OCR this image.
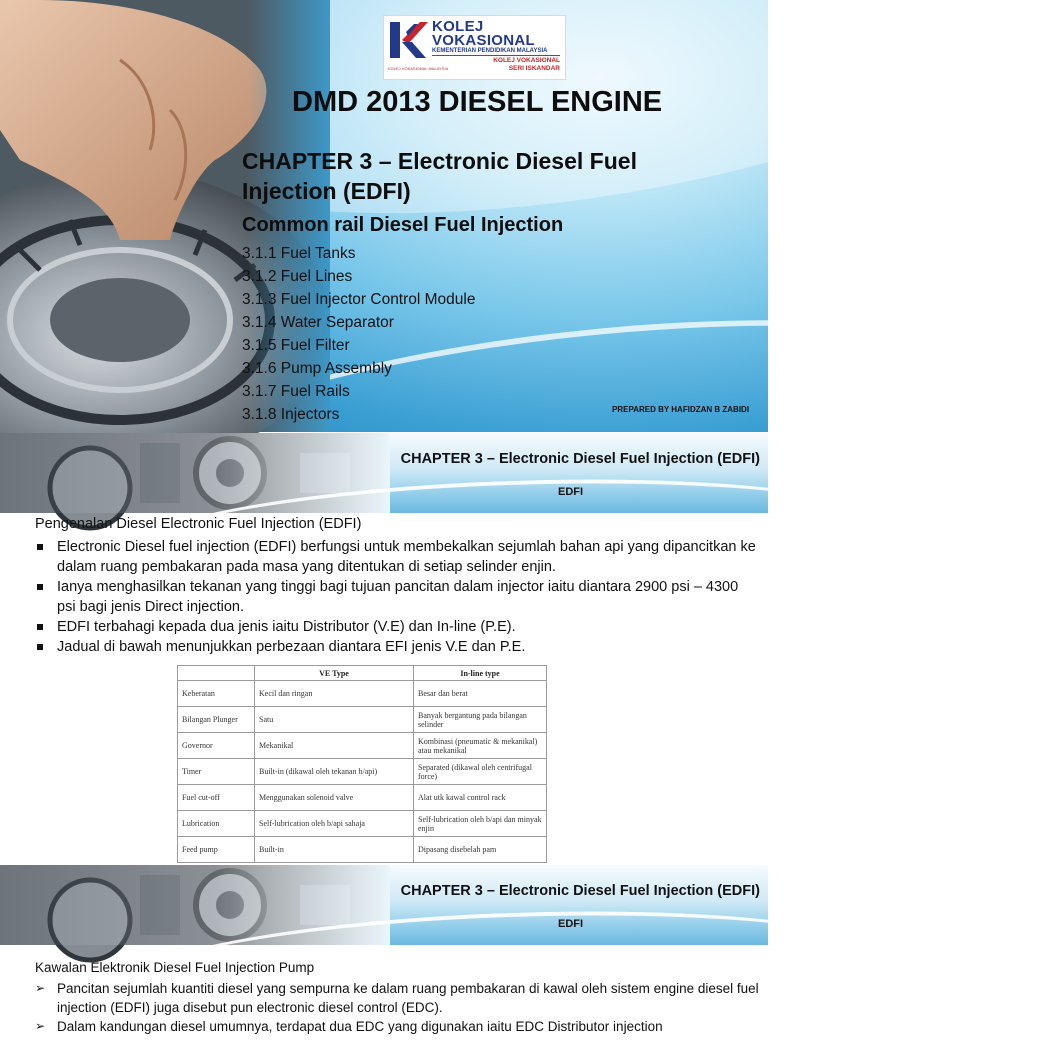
KOLEJ
VOKASIONAL
KEMENTERIAN PENDIDIKAN MALAYSIA
KOLEJ VOKASIONAL
SERI ISKANDAR
KOLEJ VOKASIONAL MALAYSIA
DMD 2013 DIESEL ENGINE
CHAPTER 3 – Electronic Diesel Fuel Injection (EDFI)
Common rail Diesel Fuel Injection
3.1.1 Fuel Tanks
3.1.2 Fuel Lines
3.1.3 Fuel Injector Control Module
3.1.4 Water Separator
3.1.5 Fuel Filter
3.1.6 Pump Assembly
3.1.7 Fuel Rails
3.1.8 Injectors	PREPARED BY HAFIDZAN B ZABIDI
CHAPTER 3 – Electronic Diesel Fuel Injection (EDFI)
EDFI
Pengenalan Diesel Electronic Fuel Injection (EDFI)
Electronic Diesel fuel injection (EDFI) berfungsi untuk membekalkan sejumlah bahan api yang dipancitkan ke dalam ruang pembakaran pada masa yang ditentukan di setiap selinder enjin.
Ianya menghasilkan tekanan yang tinggi bagi tujuan pancitan dalam injector iaitu diantara 2900 psi – 4300 psi bagi jenis Direct injection.
EDFI terbahagi kepada dua jenis iaitu Distributor (V.E) dan In-line (P.E).
Jadual di bawah menunjukkan perbezaan diantara EFI jenis V.E dan P.E.
	VE Type	In-line type
Keberatan	Kecil dan ringan	Besar dan berat
Bilangan Plunger	Satu	Banyak bergantung pada bilangan selinder
Governor	Mekanikal	Kombinasi (pneumatic & mekanikal) atau mekanikal
Timer	Built-in (dikawal oleh tekanan b/api)	Separated (dikawal oleh centrifugal force)
Fuel cut-off	Menggunakan solenoid valve	Alat utk kawal control rack
Lubrication	Self-lubrication oleh b/api sahaja	Self-lubrication oleh b/api dan minyak enjin
Feed pump	Built-in	Dipasang disebelah pam
CHAPTER 3 – Electronic Diesel Fuel Injection (EDFI)
EDFI
Kawalan Elektronik Diesel Fuel Injection Pump
➢ Pancitan sejumlah kuantiti diesel yang sempurna ke dalam ruang pembakaran di kawal oleh sistem engine diesel fuel injection (EDFI) juga disebut pun electronic diesel control (EDC).
➢ Dalam kandungan diesel umumnya, terdapat dua EDC yang digunakan iaitu EDC Distributor injection
